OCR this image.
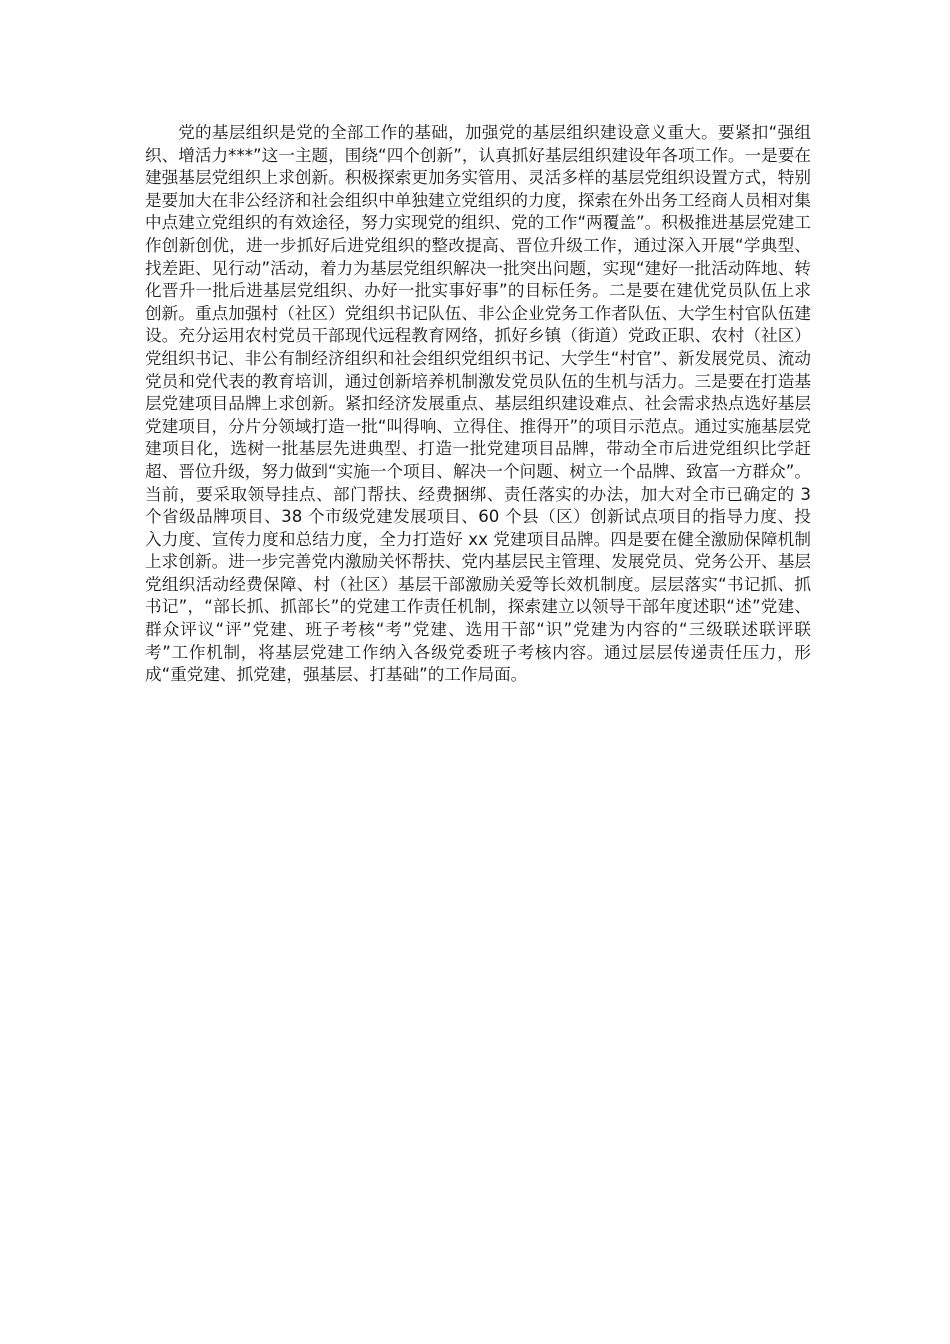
党的基层组织是党的全部工作的基础，加强党的基层组织建设意义重大。要紧扣“强组织、增活力***”这一主题，围绕“四个创新”，认真抓好基层组织建设年各项工作。一是要在建强基层党组织上求创新。积极探索更加务实管用、灵活多样的基层党组织设置方式，特别是要加大在非公经济和社会组织中单独建立党组织的力度，探索在外出务工经商人员相对集中点建立党组织的有效途径，努力实现党的组织、党的工作“两覆盖”。积极推进基层党建工作创新创优，进一步抓好后进党组织的整改提高、晋位升级工作，通过深入开展“学典型、找差距、见行动”活动，着力为基层党组织解决一批突出问题，实现“建好一批活动阵地、转化晋升一批后进基层党组织、办好一批实事好事”的目标任务。二是要在建优党员队伍上求创新。重点加强村（社区）党组织书记队伍、非公企业党务工作者队伍、大学生村官队伍建设。充分运用农村党员干部现代远程教育网络，抓好乡镇（街道）党政正职、农村（社区）党组织书记、非公有制经济组织和社会组织党组织书记、大学生“村官”、新发展党员、流动党员和党代表的教育培训，通过创新培养机制激发党员队伍的生机与活力。三是要在打造基层党建项目品牌上求创新。紧扣经济发展重点、基层组织建设难点、社会需求热点选好基层党建项目，分片分领域打造一批“叫得响、立得住、推得开”的项目示范点。通过实施基层党建项目化，选树一批基层先进典型、打造一批党建项目品牌，带动全市后进党组织比学赶超、晋位升级，努力做到“实施一个项目、解决一个问题、树立一个品牌、致富一方群众”。当前，要采取领导挂点、部门帮扶、经费捆绑、责任落实的办法，加大对全市已确定的 3 个省级品牌项目、38 个市级党建发展项目、60 个县（区）创新试点项目的指导力度、投入力度、宣传力度和总结力度，全力打造好 xx 党建项目品牌。四是要在健全激励保障机制上求创新。进一步完善党内激励关怀帮扶、党内基层民主管理、发展党员、党务公开、基层党组织活动经费保障、村（社区）基层干部激励关爱等长效机制度。层层落实“书记抓、抓书记”，“部长抓、抓部长”的党建工作责任机制，探索建立以领导干部年度述职“述”党建、群众评议“评”党建、班子考核“考”党建、选用干部“识”党建为内容的“三级联述联评联考”工作机制，将基层党建工作纳入各级党委班子考核内容。通过层层传递责任压力，形成“重党建、抓党建，强基层、打基础”的工作局面。
